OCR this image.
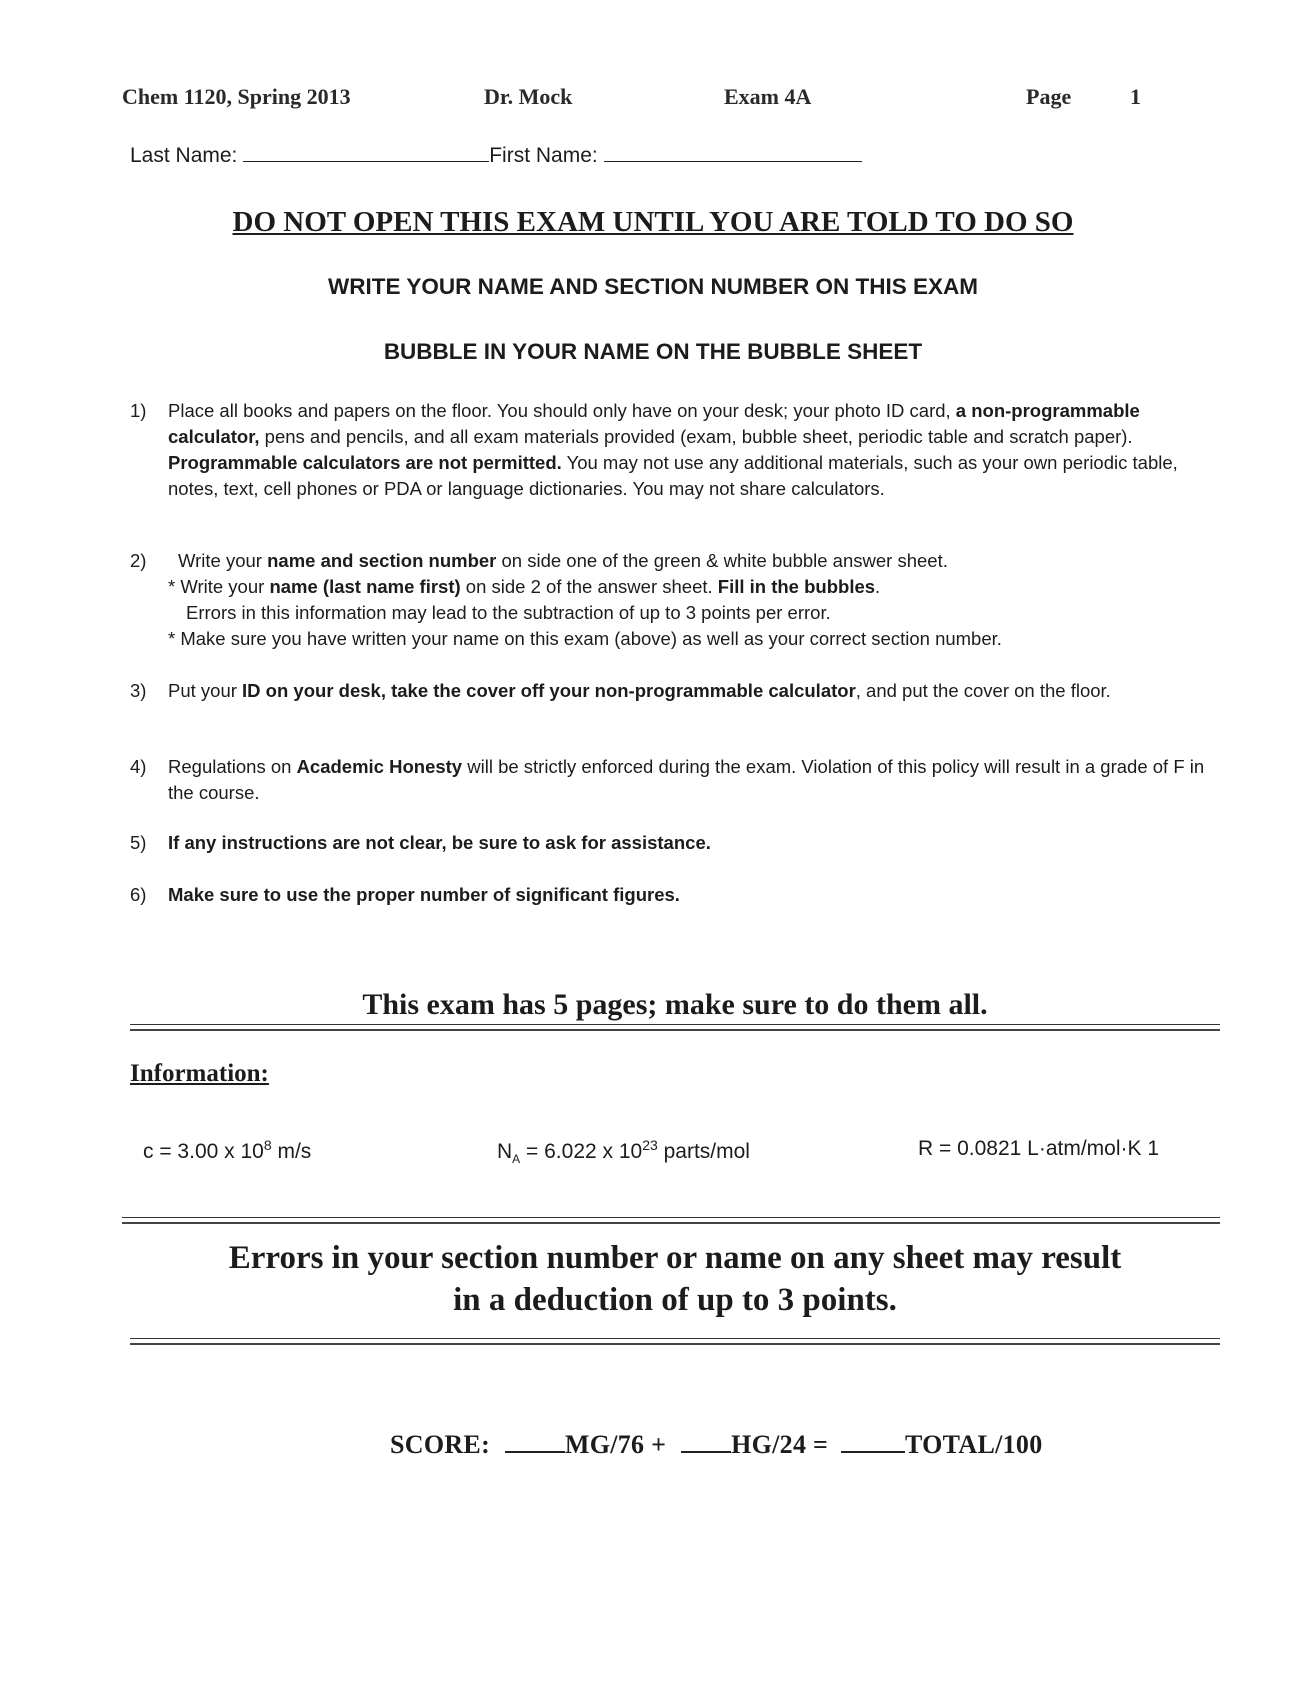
Chem 1120, Spring 2013	Dr. Mock	Exam 4A	Page	1
Last Name:	First Name:
DO NOT OPEN THIS EXAM UNTIL YOU ARE TOLD TO DO SO
WRITE YOUR NAME AND SECTION NUMBER ON THIS EXAM
BUBBLE IN YOUR NAME ON THE BUBBLE SHEET
1)	Place all books and papers on the floor. You should only have on your desk; your photo ID card, a non-programmable calculator, pens and pencils, and all exam materials provided (exam, bubble sheet, periodic table and scratch paper). Programmable calculators are not permitted. You may not use any additional materials, such as your own periodic table, notes, text, cell phones or PDA or language dictionaries. You may not share calculators.
2)	Write your name and section number on side one of the green & white bubble answer sheet.
* Write your name (last name first) on side 2 of the answer sheet. Fill in the bubbles.
Errors in this information may lead to the subtraction of up to 3 points per error.
* Make sure you have written your name on this exam (above) as well as your correct section number.
3)	Put your ID on your desk, take the cover off your non-programmable calculator, and put the cover on the floor.
4)	Regulations on Academic Honesty will be strictly enforced during the exam. Violation of this policy will result in a grade of F in the course.
5)	If any instructions are not clear, be sure to ask for assistance.
6)	Make sure to use the proper number of significant figures.
This exam has 5 pages; make sure to do them all.
Information:
c = 3.00 x $10^8$ m/s	$N_A = 6.022$ x $10^{23}$ parts/mol	R = 0.0821 L·atm/mol·K 1
Errors in your section number or name on any sheet may result
in a deduction of up to 3 points.
SCORE:	MG/76 + HG/24 =	TOTAL/100
